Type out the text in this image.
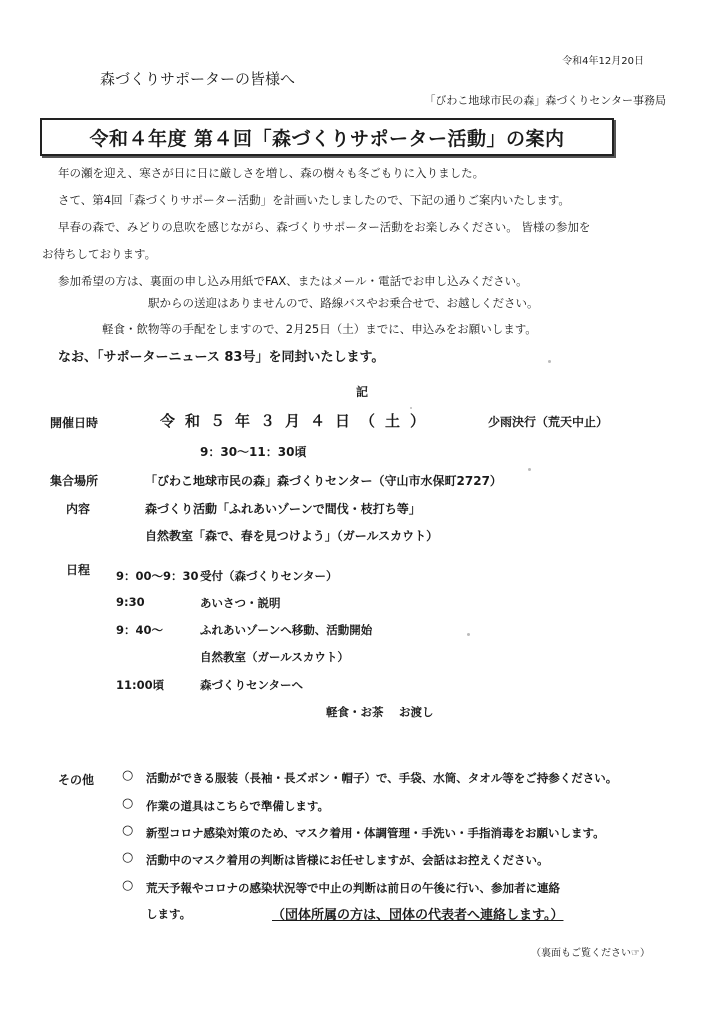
令和4年12月20日
森づくりサポーターの皆様へ
「びわこ地球市民の森」森づくりセンター事務局
令和４年度 第４回「森づくりサポーター活動」の案内
年の瀬を迎え、寒さが日に日に厳しさを増し、森の樹々も冬ごもりに入りました。
さて、第4回「森づくりサポーター活動」を計画いたしましたので、下記の通りご案内いたします。
早春の森で、みどりの息吹を感じながら、森づくりサポーター活動をお楽しみください。 皆様の参加を
お待ちしております。
参加希望の方は、裏面の申し込み用紙でFAX、またはメール・電話でお申し込みください。
駅からの送迎はありませんので、路線バスやお乗合せで、お越しください。
軽食・飲物等の手配をしますので、2月25日（土）までに、申込みをお願いします。
なお、「サポーターニュース 83号」を同封いたします。
記
開催日時	令和５年３月４日（土）	少雨決行（荒天中止）
9：30～11：30頃
集合場所	「びわこ地球市民の森」森づくりセンター（守山市水保町2727）
内容	森づくり活動「ふれあいゾーンで間伐・枝打ち等」
自然教室「森で、春を見つけよう」（ガールスカウト）
日程 9：00～9：30 受付（森づくりセンター）
9:30	あいさつ・説明
9：40～	ふれあいゾーンへ移動、活動開始
自然教室（ガールスカウト）
11:00頃	森づくりセンターへ
軽食・お茶　 お渡し
その他 ○ 活動ができる服装（長袖・長ズボン・帽子）で、手袋、水筒、タオル等をご持参ください。
○ 作業の道具はこちらで準備します。
○ 新型コロナ感染対策のため、マスク着用・体調管理・手洗い・手指消毒をお願いします。
○ 活動中のマスク着用の判断は皆様にお任せしますが、会話はお控えください。
○ 荒天予報やコロナの感染状況等で中止の判断は前日の午後に行い、参加者に連絡
します。	（団体所属の方は、団体の代表者へ連絡します。）
（裏面もご覧ください☞）
